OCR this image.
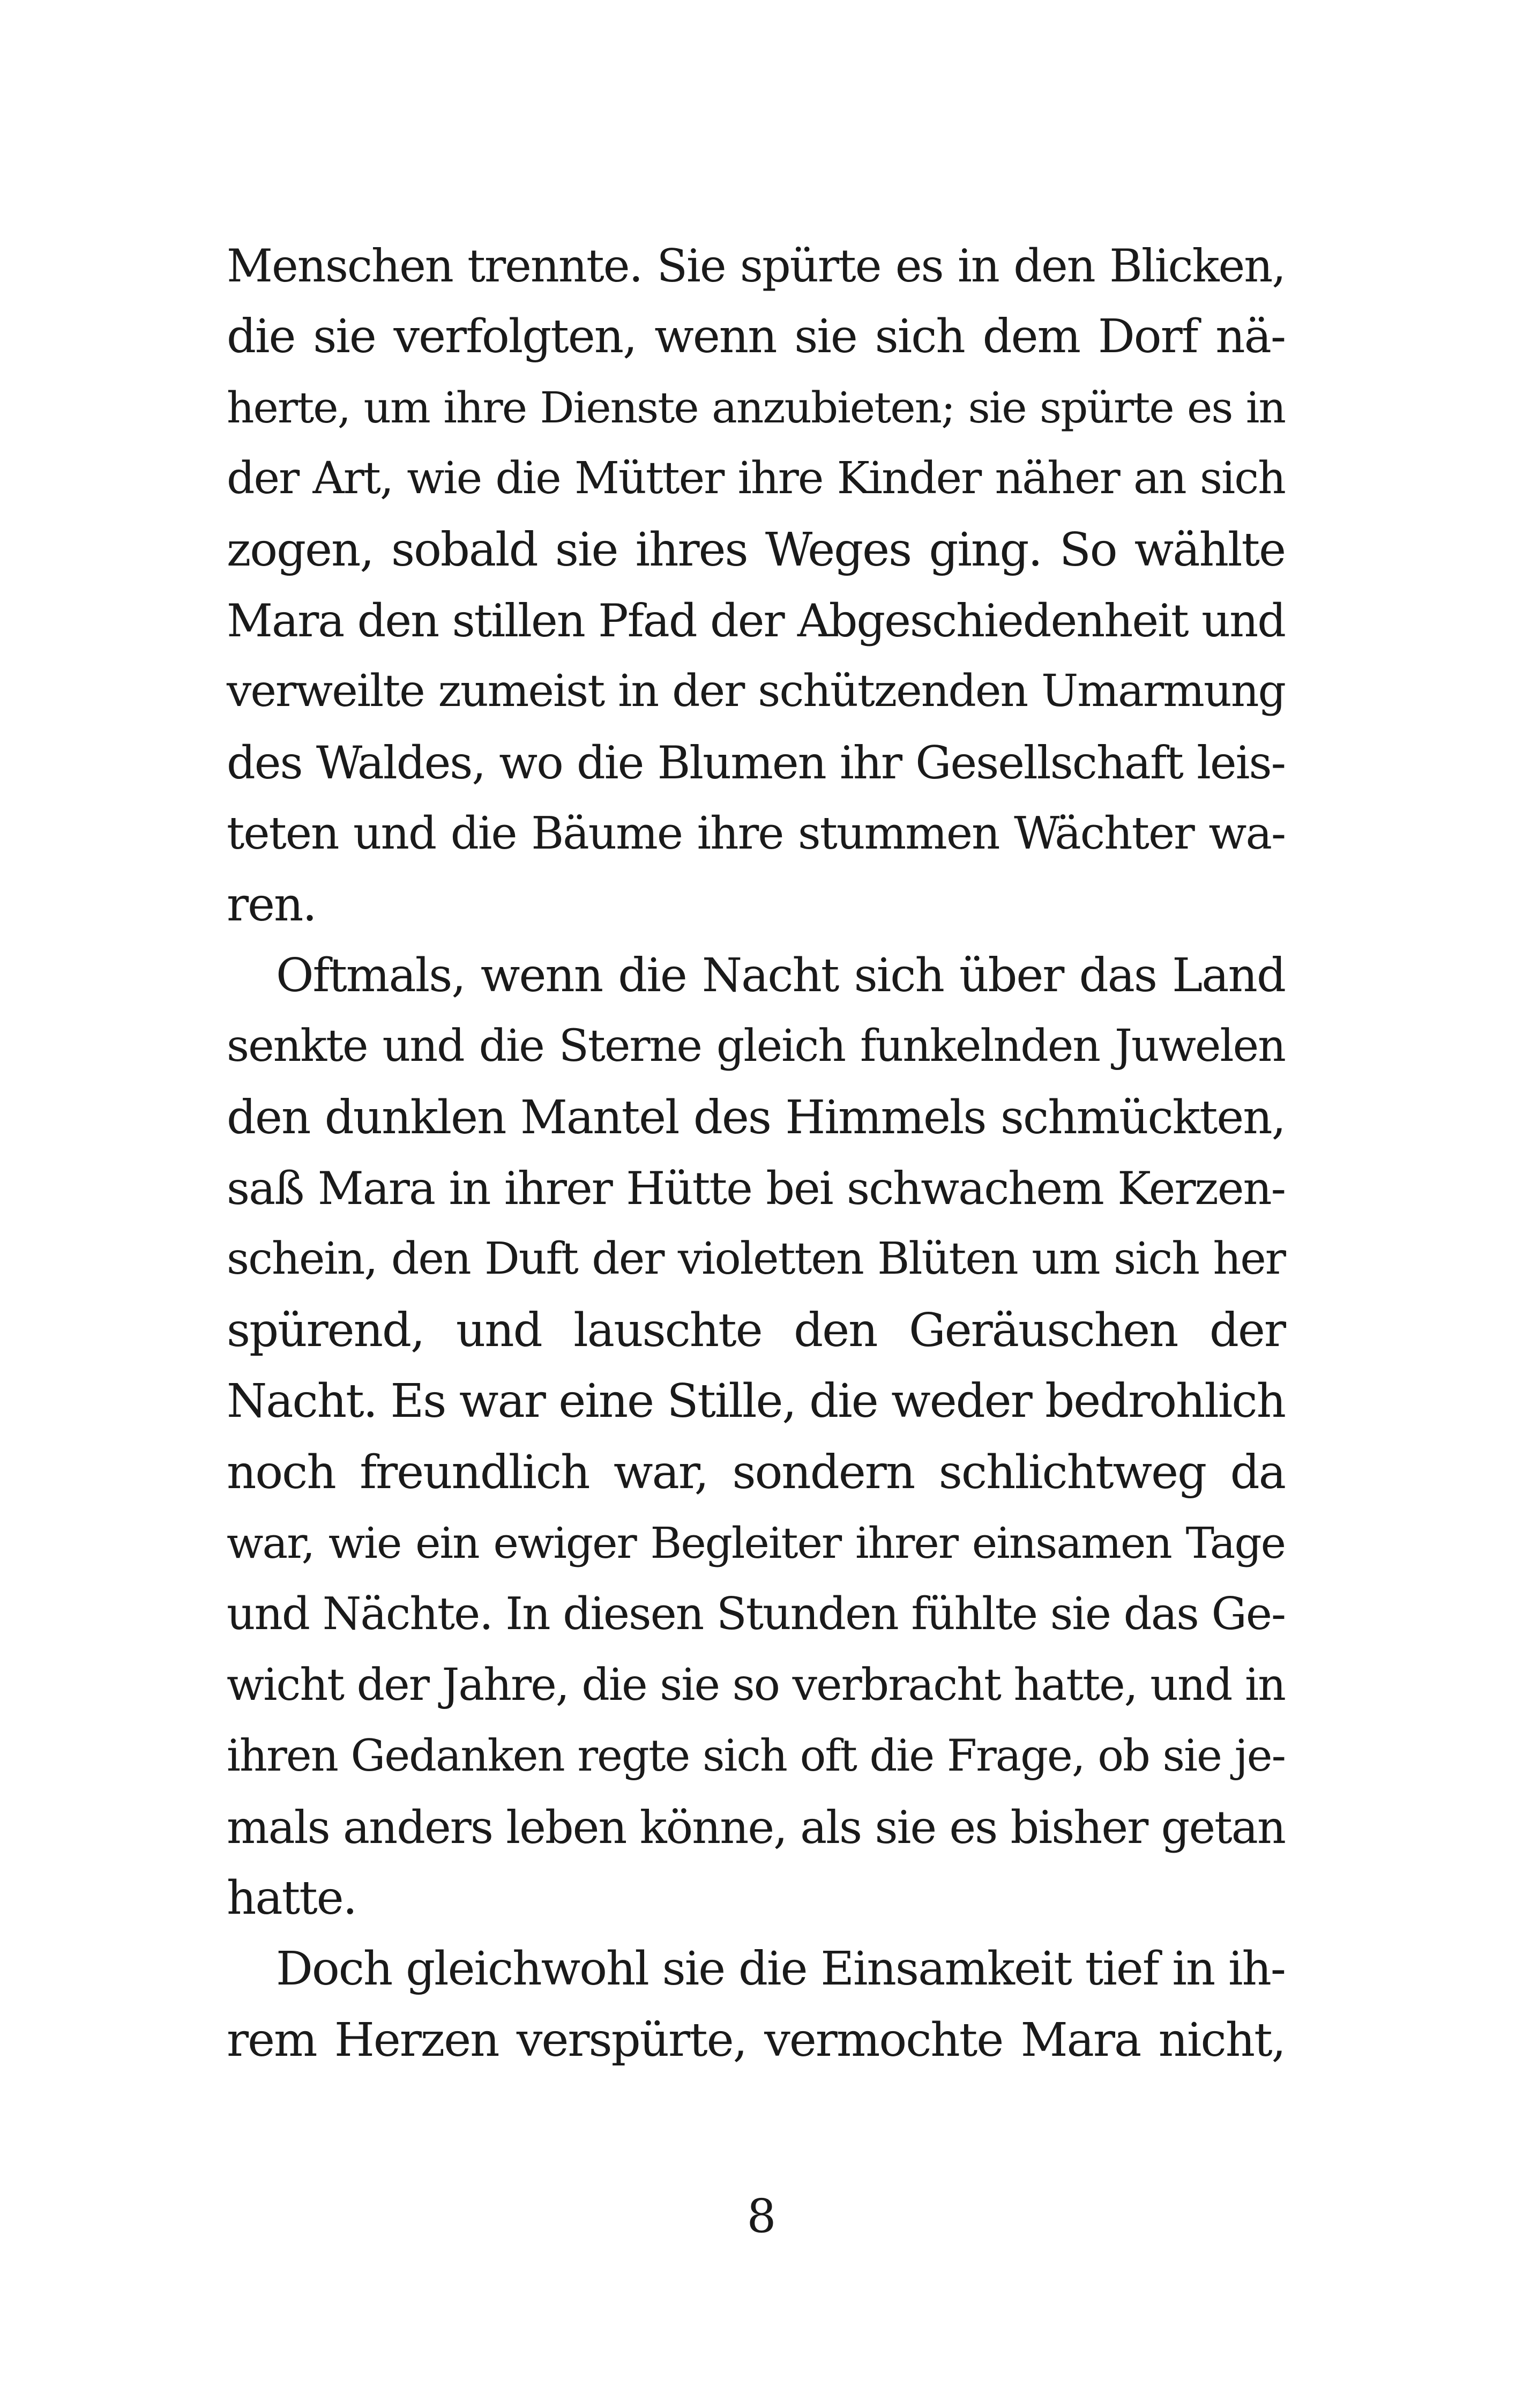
Menschen trennte. Sie spürte es in den Blicken,
die sie verfolgten, wenn sie sich dem Dorf nä-
herte, um ihre Dienste anzubieten; sie spürte es in
der Art, wie die Mütter ihre Kinder näher an sich
zogen, sobald sie ihres Weges ging. So wählte
Mara den stillen Pfad der Abgeschiedenheit und
verweilte zumeist in der schützenden Umarmung
des Waldes, wo die Blumen ihr Gesellschaft leis-
teten und die Bäume ihre stummen Wächter wa-
ren.
Oftmals, wenn die Nacht sich über das Land
senkte und die Sterne gleich funkelnden Juwelen
den dunklen Mantel des Himmels schmückten,
saß Mara in ihrer Hütte bei schwachem Kerzen-
schein, den Duft der violetten Blüten um sich her
spürend, und lauschte den Geräuschen der
Nacht. Es war eine Stille, die weder bedrohlich
noch freundlich war, sondern schlichtweg da
war, wie ein ewiger Begleiter ihrer einsamen Tage
und Nächte. In diesen Stunden fühlte sie das Ge-
wicht der Jahre, die sie so verbracht hatte, und in
ihren Gedanken regte sich oft die Frage, ob sie je-
mals anders leben könne, als sie es bisher getan
hatte.
Doch gleichwohl sie die Einsamkeit tief in ih-
rem Herzen verspürte, vermochte Mara nicht,
8
